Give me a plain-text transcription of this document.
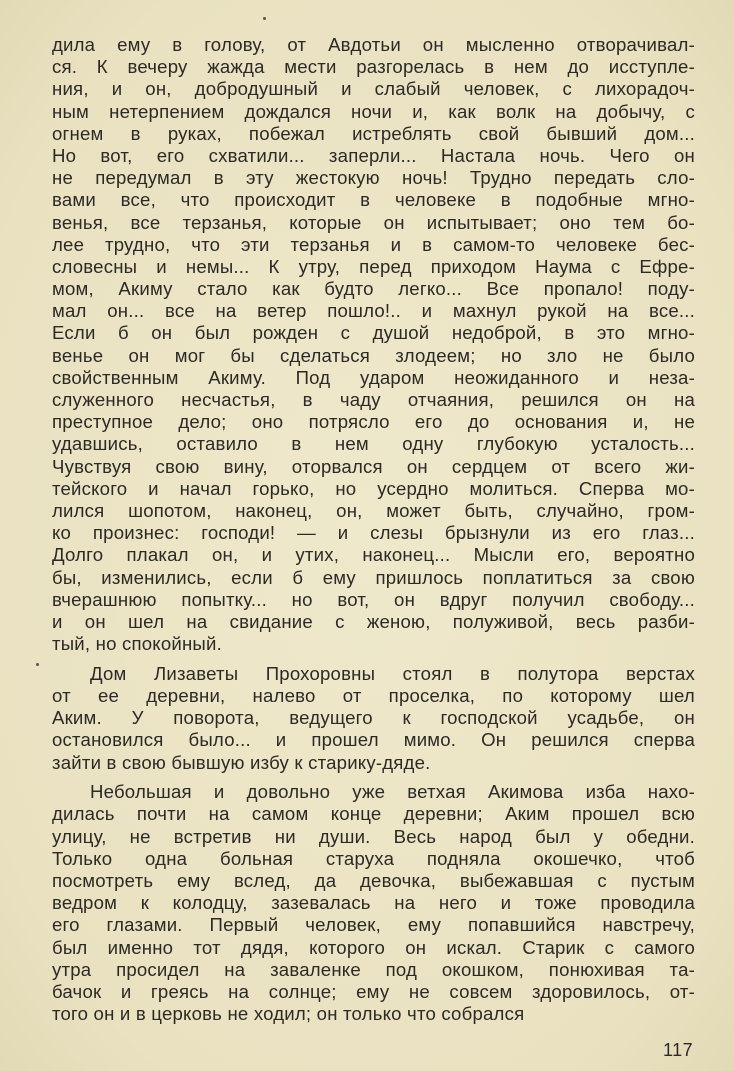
дила ему в голову, от Авдотьи он мысленно отворачивал-
ся. К вечеру жажда мести разгорелась в нем до исступле-
ния, и он, добродушный и слабый человек, с лихорадоч-
ным нетерпением дождался ночи и, как волк на добычу, с
огнем в руках, побежал истреблять свой бывший дом...
Но вот, его схватили... заперли... Настала ночь. Чего он
не передумал в эту жестокую ночь! Трудно передать сло-
вами все, что происходит в человеке в подобные мгно-
венья, все терзанья, которые он испытывает; оно тем бо-
лее трудно, что эти терзанья и в самом-то человеке бес-
словесны и немы... К утру, перед приходом Наума с Ефре-
мом, Акиму стало как будто легко... Все пропало! поду-
мал он... все на ветер пошло!.. и махнул рукой на все...
Если б он был рожден с душой недоброй, в это мгно-
венье он мог бы сделаться злодеем; но зло не было
свойственным Акиму. Под ударом неожиданного и неза-
служенного несчастья, в чаду отчаяния, решился он на
преступное дело; оно потрясло его до основания и, не
удавшись, оставило в нем одну глубокую усталость...
Чувствуя свою вину, оторвался он сердцем от всего жи-
тейского и начал горько, но усердно молиться. Сперва мо-
лился шопотом, наконец, он, может быть, случайно, гром-
ко произнес: господи! — и слезы брызнули из его глаз...
Долго плакал он, и утих, наконец... Мысли его, вероятно
бы, изменились, если б ему пришлось поплатиться за свою
вчерашнюю попытку... но вот, он вдруг получил свободу...
и он шел на свидание с женою, полуживой, весь разби-
тый, но спокойный.
Дом Лизаветы Прохоровны стоял в полутора верстах
от ее деревни, налево от проселка, по которому шел
Аким. У поворота, ведущего к господской усадьбе, он
остановился было... и прошел мимо. Он решился сперва
зайти в свою бывшую избу к старику-дяде.
Небольшая и довольно уже ветхая Акимова изба нахо-
дилась почти на самом конце деревни; Аким прошел всю
улицу, не встретив ни души. Весь народ был у обедни.
Только одна больная старуха подняла окошечко, чтоб
посмотреть ему вслед, да девочка, выбежавшая с пустым
ведром к колодцу, зазевалась на него и тоже проводила
его глазами. Первый человек, ему попавшийся навстречу,
был именно тот дядя, которого он искал. Старик с самого
утра просидел на заваленке под окошком, понюхивая та-
бачок и греясь на солнце; ему не совсем здоровилось, от-
того он и в церковь не ходил; он только что собрался
117
